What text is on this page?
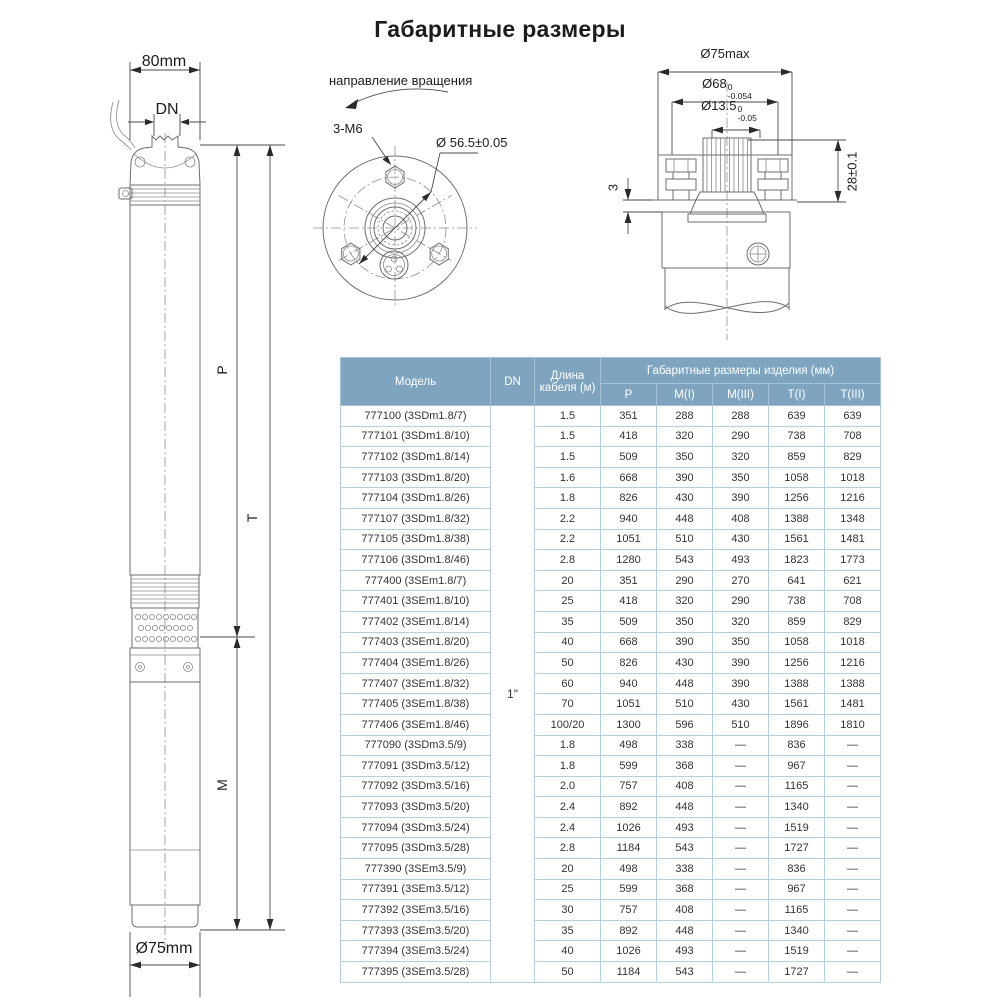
Габаритные размеры
80mm
DN
P
T
M
Ø75mm
направление вращения
3-M6
Ø 56.5±0.05
Ø75max
Ø68 0
-0.054
Ø13.5 0
-0.05
28±0.1
3
Модель	DN	Длина кабеля (м)	Габаритные размеры изделия (мм)				
			P	M(I)	M(III)	T(I)	T(III)
777100 (3SDm1.8/7)	1"	1.5	351	288	288	639	639
777101 (3SDm1.8/10)		1.5	418	320	290	738	708
777102 (3SDm1.8/14)		1.5	509	350	320	859	829
777103 (3SDm1.8/20)		1.6	668	390	350	1058	1018
777104 (3SDm1.8/26)		1.8	826	430	390	1256	1216
777107 (3SDm1.8/32)		2.2	940	448	408	1388	1348
777105 (3SDm1.8/38)		2.2	1051	510	430	1561	1481
777106 (3SDm1.8/46)		2.8	1280	543	493	1823	1773
777400 (3SEm1.8/7)		20	351	290	270	641	621
777401 (3SEm1.8/10)		25	418	320	290	738	708
777402 (3SEm1.8/14)		35	509	350	320	859	829
777403 (3SEm1.8/20)		40	668	390	350	1058	1018
777404 (3SEm1.8/26)		50	826	430	390	1256	1216
777407 (3SEm1.8/32)		60	940	448	390	1388	1388
777405 (3SEm1.8/38)		70	1051	510	430	1561	1481
777406 (3SEm1.8/46)		100/20	1300	596	510	1896	1810
777090 (3SDm3.5/9)		1.8	498	338	—	836	—
777091 (3SDm3.5/12)		1.8	599	368	—	967	—
777092 (3SDm3.5/16)		2.0	757	408	—	1165	—
777093 (3SDm3.5/20)		2.4	892	448	—	1340	—
777094 (3SDm3.5/24)		2.4	1026	493	—	1519	—
777095 (3SDm3.5/28)		2.8	1184	543	—	1727	—
777390 (3SEm3.5/9)		20	498	338	—	836	—
777391 (3SEm3.5/12)		25	599	368	—	967	—
777392 (3SEm3.5/16)		30	757	408	—	1165	—
777393 (3SEm3.5/20)		35	892	448	—	1340	—
777394 (3SEm3.5/24)		40	1026	493	—	1519	—
777395 (3SEm3.5/28)		50	1184	543	—	1727	—
